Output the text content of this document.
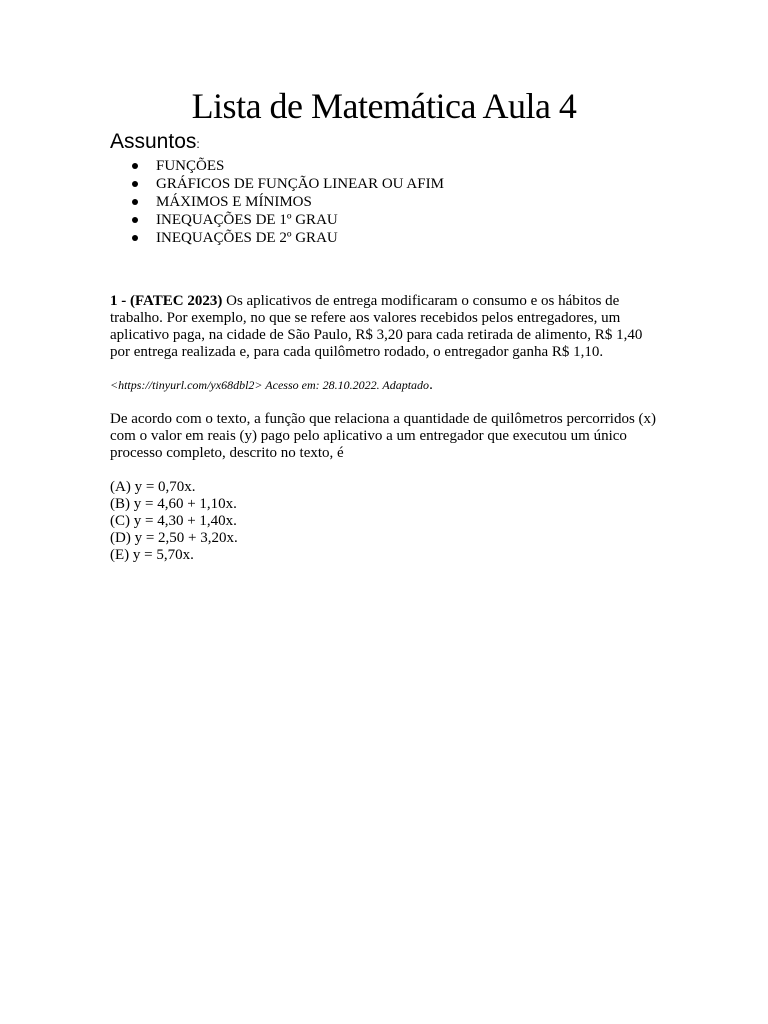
Lista de Matemática Aula 4
Assuntos:
FUNÇÕES
GRÁFICOS DE FUNÇÃO LINEAR OU AFIM
MÁXIMOS E MÍNIMOS
INEQUAÇÕES DE 1º GRAU
INEQUAÇÕES DE 2º GRAU

1 - (FATEC 2023) Os aplicativos de entrega modificaram o consumo e os hábitos de trabalho. Por exemplo, no que se refere aos valores recebidos pelos entregadores, um aplicativo paga, na cidade de São Paulo, R$ 3,20 para cada retirada de alimento, R$ 1,40 por entrega realizada e, para cada quilômetro rodado, o entregador ganha R$ 1,10.

<https://tinyurl.com/yx68dbl2> Acesso em: 28.10.2022. Adaptado.

De acordo com o texto, a função que relaciona a quantidade de quilômetros percorridos (x) com o valor em reais (y) pago pelo aplicativo a um entregador que executou um único processo completo, descrito no texto, é

(A) y = 0,70x.
(B) y = 4,60 + 1,10x.
(C) y = 4,30 + 1,40x.
(D) y = 2,50 + 3,20x.
(E) y = 5,70x.
